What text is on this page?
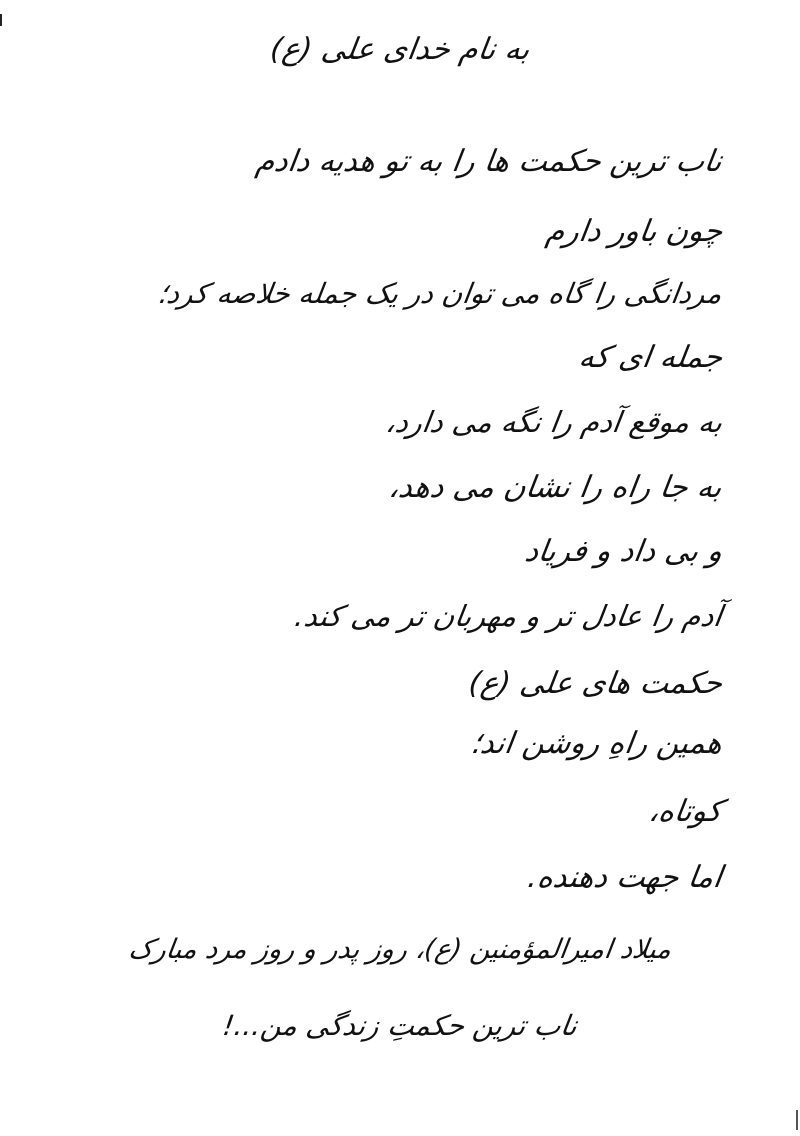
به نام خدای علی (ع)
ناب ترین حکمت ها را به تو هدیه دادم
چون باور دارم
مردانگی را گاه می توان در یک جمله خلاصه کرد؛
جمله ای که
به موقع آدم را نگه می دارد،
به جا راه را نشان می دهد،
و بی داد و فریاد
آدم را عادل تر و مهربان تر می کند.
حکمت های علی (ع)
همین راهِ روشن اند؛
کوتاه،
اما جهت دهنده.
میلاد امیرالمؤمنین (ع)، روز پدر و روز مرد مبارک
ناب ترین حکمتِ زندگی من...!
